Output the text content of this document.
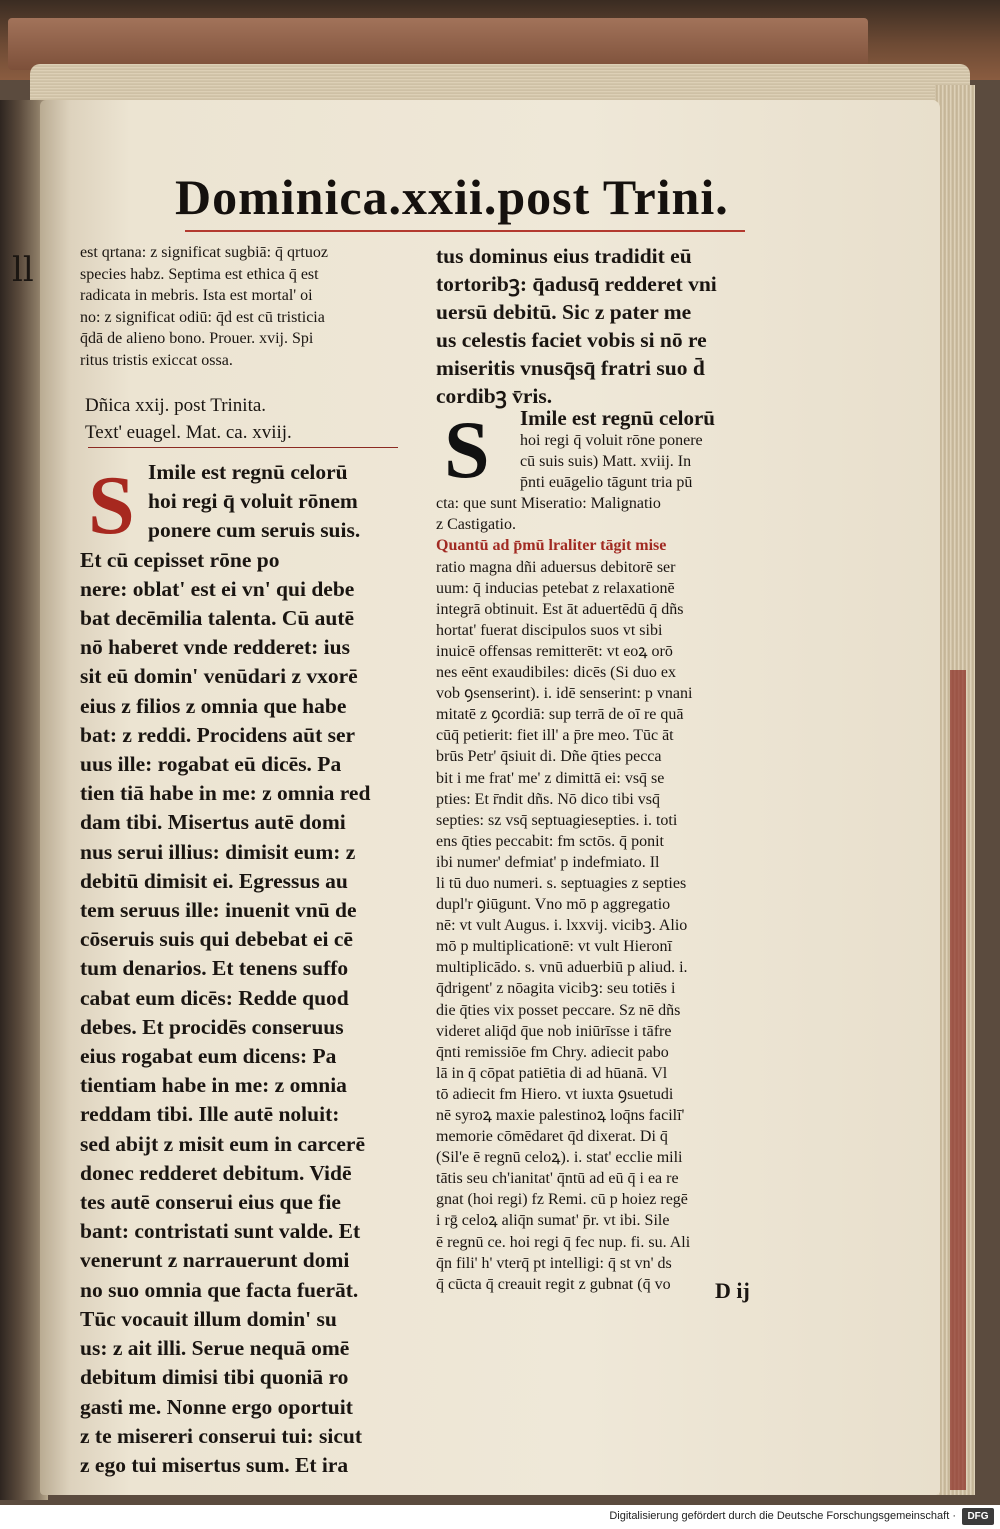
ll
Dominica.xxii.post Trini.
est qrtana: z significat sugbiā: q̄ qrtuoz
species habz. Septima est ethica q̄ est
radicata in mebris. Ista est mortal' oi
no: z significat odiū: q̄d est cū tristicia
q̄dā de alieno bono. Prouer. xvij. Spi
ritus tristis exiccat ossa.
Dñica xxij. post Trinita.
Text' euagel. Mat. ca. xviij.
S Imile est regnū celorū
hoi regi q̄ voluit rōnem
ponere cum seruis suis.
Et cū cepisset rōne po
nere: oblat' est ei vn' qui debe
bat decēmilia talenta. Cū autē
nō haberet vnde redderet: ius
sit eū domin' venūdari z vxorē
eius z filios z omnia que habe
bat: z reddi. Procidens aūt ser
uus ille: rogabat eū dicēs. Pa
tien tiā habe in me: z omnia red
dam tibi. Misertus autē domi
nus serui illius: dimisit eum: z
debitū dimisit ei. Egressus au
tem seruus ille: inuenit vnū de
cōseruis suis qui debebat ei cē
tum denarios. Et tenens suffo
cabat eum dicēs: Redde quod
debes. Et procidēs conseruus
eius rogabat eum dicens: Pa
tientiam habe in me: z omnia
reddam tibi. Ille autē noluit:
sed abijt z misit eum in carcerē
donec redderet debitum. Vidē
tes autē conserui eius que fie
bant: contristati sunt valde. Et
venerunt z narrauerunt domi
no suo omnia que facta fuerāt.
Tūc vocauit illum domin' su
us: z ait illi. Serue nequā omē
debitum dimisi tibi quoniā ro
gasti me. Nonne ergo oportuit
z te misereri conserui tui: sicut
z ego tui misertus sum. Et ira
tus dominus eius tradidit eū
tortoribꝫ: q̄adusq̄ redderet vni
uersū debitū. Sic z pater me
us celestis faciet vobis si nō re
miseritis vnusq̄sq̄ fratri suo d̄
cordibꝫ v̄ris.
S	Imile est regnū celorū
hoi regi q̄ voluit rōne ponere
cū suis suis) Matt. xviij. In
p̄nti euāgelio tāgunt tria pū
cta: que sunt Miseratio: Malignatio
z Castigatio.
Quantū ad p̄mū lraliter tāgit mise
ratio magna dñi aduersus debitorē ser
uum: q̄ inducias petebat z relaxationē
integrā obtinuit. Est āt aduertēdū q̄ dñs
hortat' fuerat discipulos suos vt sibi
inuicē offensas remitterēt: vt eoꝝ orō
nes eēnt exaudibiles: dicēs (Si duo ex
vob ꝯsenserint). i. idē senserint: p vnani
mitatē z ꝯcordiā: sup terrā de oī re quā
cūq̄ petierit: fiet ill' a p̄re meo. Tūc āt
brūs Petr' q̄siuit di. Dñe q̄ties pecca
bit i me frat' me' z dimittā ei: vsq̄ se
pties: Et r̄ndit dñs. Nō dico tibi vsq̄
septies: sz vsq̄ septuagiesepties. i. toti
ens q̄ties peccabit: fm sctōs. q̄ ponit
ibi numer' defmiat' p indefmiato. Il
li tū duo numeri. s. septuagies z septies
dupl'r ꝯiūgunt. Vno mō p aggregatio
nē: vt vult Augus. i. lxxvij. vicibꝫ. Alio
mō p multiplicationē: vt vult Hieronī
multiplicādo. s. vnū aduerbiū p aliud. i.
q̄drigent' z nōagita vicibꝫ: seu totiēs i
die q̄ties vix posset peccare. Sz nē dñs
videret aliq̄d q̄ue nob iniūrīsse i tāfre
q̄nti remissiōe fm Chry. adiecit pabo
lā in q̄ cōpat patiētia di ad hūanā. Vl
tō adiecit fm Hiero. vt iuxta ꝯsuetudi
nē syroꝝ maxie palestinoꝝ loq̄ns facilī'
memorie cōmēdaret q̄d dixerat. Di q̄
(Sil'e ē regnū celoꝝ). i. stat' ecclie mili
tātis seu ch'ianitat' q̄ntū ad eū q̄ i ea re
gnat (hoi regi) fz Remi. cū p hoiez regē
i rḡ celoꝝ aliq̄n sumat' p̄r. vt ibi. Sile
ē regnū ce. hoi regi q̄ fec nup. fi. su. Ali
q̄n fili' h' vterq̄ pt intelligi: q̄ st vn' ds
q̄ cūcta q̄ creauit regit z gubnat (q̄ vo	D ij
Digitalisierung gefördert durch die Deutsche Forschungsgemeinschaft ·	DFG
